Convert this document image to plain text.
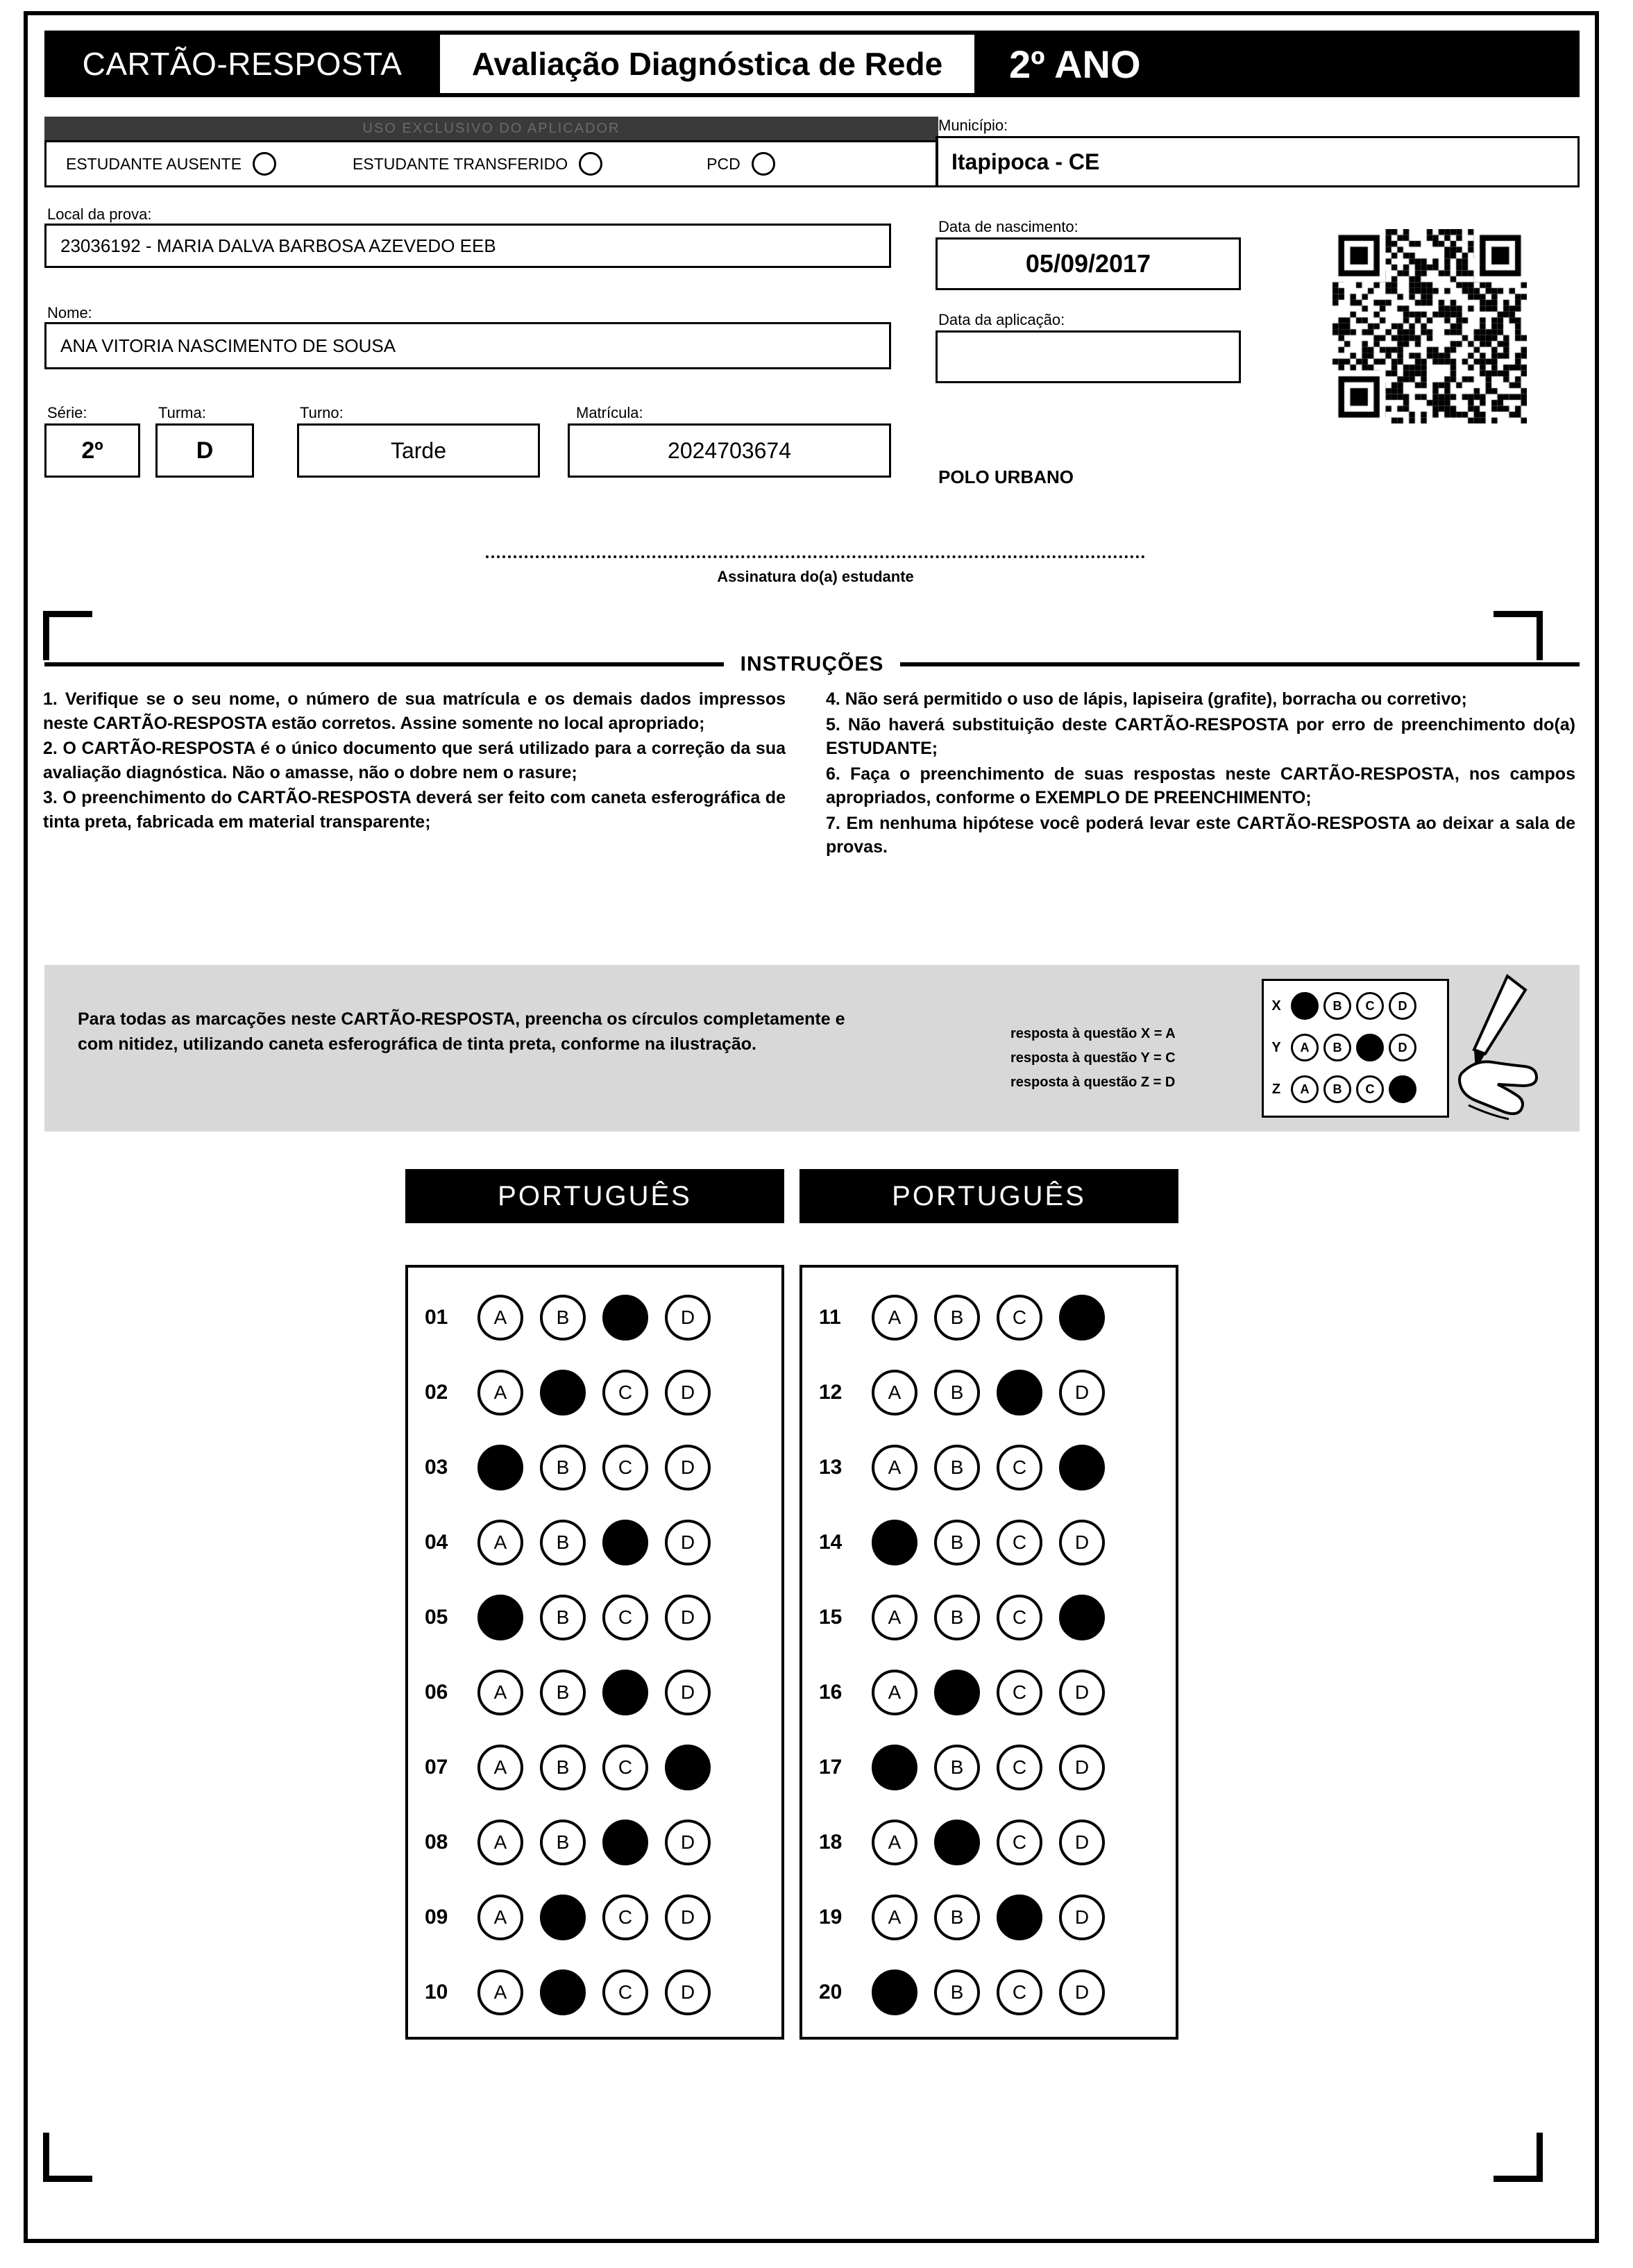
CARTÃO-RESPOSTA	Avaliação Diagnóstica de Rede	2º ANO
USO EXCLUSIVO DO APLICADOR
ESTUDANTE AUSENTE	ESTUDANTE TRANSFERIDO	PCD
Local da prova:
23036192 - MARIA DALVA BARBOSA AZEVEDO EEB
Nome:
ANA VITORIA NASCIMENTO DE SOUSA
Série:
2º
Turma:
D
Turno:
Tarde
Matrícula:
2024703674
Município:
Itapipoca - CE
Data de nascimento:
05/09/2017
Data da aplicação:
POLO URBANO
Assinatura do(a) estudante
INSTRUÇÕES

1. Verifique se o seu nome, o número de sua matrícula e os demais dados impressos neste CARTÃO-RESPOSTA estão corretos. Assine somente no local apropriado;

2. O CARTÃO-RESPOSTA é o único documento que será utilizado para a correção da sua avaliação diagnóstica. Não o amasse, não o dobre nem o rasure;

3. O preenchimento do CARTÃO-RESPOSTA deverá ser feito com caneta esferográfica de tinta preta, fabricada em material transparente;

4. Não será permitido o uso de lápis, lapiseira (grafite), borracha ou corretivo;

5. Não haverá substituição deste CARTÃO-RESPOSTA por erro de preenchimento do(a) ESTUDANTE;

6. Faça o preenchimento de suas respostas neste CARTÃO-RESPOSTA, nos campos apropriados, conforme o EXEMPLO DE PREENCHIMENTO;

7. Em nenhuma hipótese você poderá levar este CARTÃO-RESPOSTA ao deixar a sala de provas.

Para todas as marcações neste CARTÃO-RESPOSTA, preencha os círculos completamente e com nitidez, utilizando caneta esferográfica de tinta preta, conforme na ilustração.
resposta à questão X = A
resposta à questão Y = C
resposta à questão Z = D
X	A	B	C	D
Y	A	B	C	D
Z	A	B	C	D
PORTUGUÊS	PORTUGUÊS
01	A	B	C	D
02	A	B	C	D
03	A	B	C	D
04	A	B	C	D
05	A	B	C	D
06	A	B	C	D
07	A	B	C	D
08	A	B	C	D
09	A	B	C	D
10	A	B	C	D
11	A	B	C	D
12	A	B	C	D
13	A	B	C	D
14	A	B	C	D
15	A	B	C	D
16	A	B	C	D
17	A	B	C	D
18	A	B	C	D
19	A	B	C	D
20	A	B	C	D
